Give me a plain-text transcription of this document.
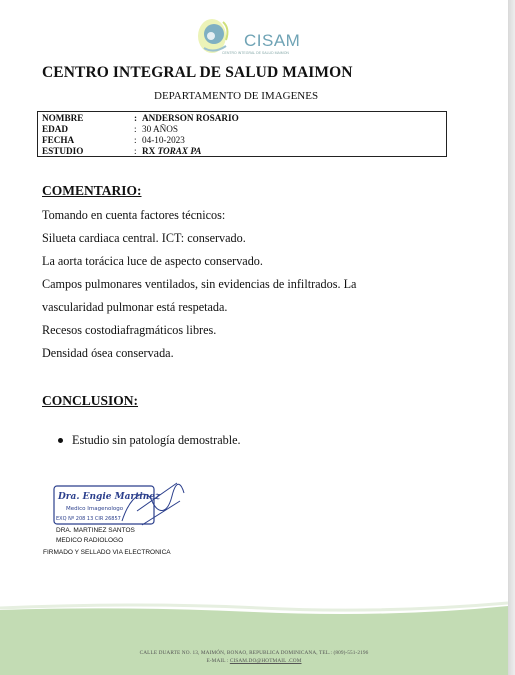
CISAM
CENTRO INTEGRAL DE SALUD MAIMON
CENTRO INTEGRAL DE SALUD MAIMON
DEPARTAMENTO DE IMAGENES
NOMBRE	: ANDERSON ROSARIO
EDAD	: 30 AÑOS
FECHA	: 04-10-2023
ESTUDIO	: RX TORAX PA
COMENTARIO:
Tomando en cuenta factores técnicos:
Silueta cardiaca central. ICT: conservado.
La aorta torácica luce de aspecto conservado.
Campos pulmonares ventilados, sin evidencias de infiltrados. La
vascularidad pulmonar está respetada.
Recesos costodiafragmáticos libres.
Densidad ósea conservada.
CONCLUSION:
Estudio sin patología demostrable.
Dra. Engie Martinez
Medico Imagenologo
EXQ Nº 208 13 CIR 26857
DRA. MARTINEZ SANTOS
MEDICO RADIOLOGO
FIRMADO Y SELLADO VIA ELECTRONICA
CALLE DUARTE NO. 13, MAIMÓN, BONAO, REPUBLICA DOMINICANA, TEL.: (809)-551-2196
E-MAIL : CISAM.DO@HOTMAIL .COM
